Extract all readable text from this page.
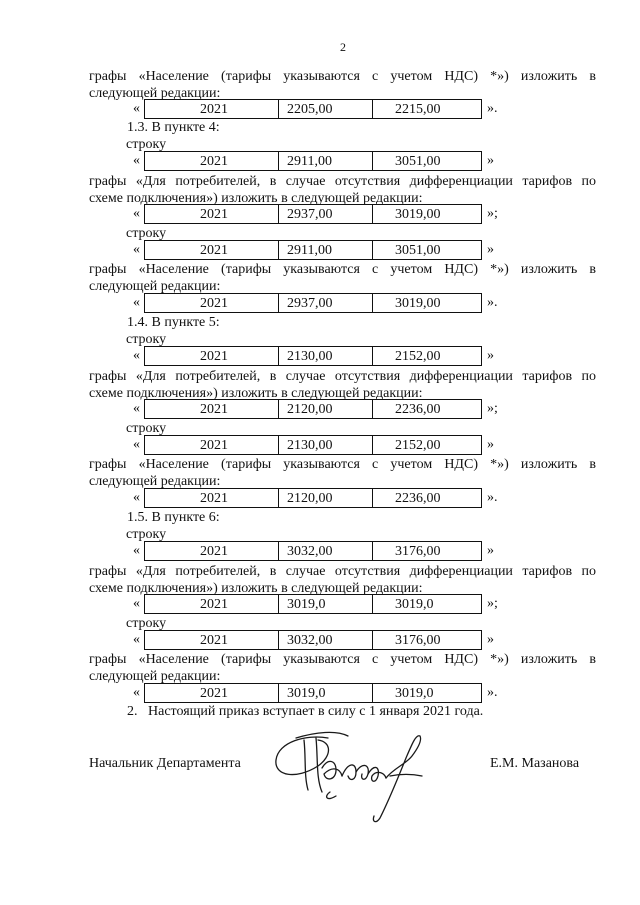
2
графы «Население (тарифы указываются с учетом НДС) *») изложить в
следующей редакции:
«	2021	2205,00	2215,00	».
1.3. В пункте 4:
строку
«	2021	2911,00	3051,00	»
графы «Для потребителей, в случае отсутствия дифференциации тарифов по
схеме подключения») изложить в следующей редакции:
«	2021	2937,00	3019,00	»;
строку
«	2021	2911,00	3051,00	»
графы «Население (тарифы указываются с учетом НДС) *») изложить в
следующей редакции:
«	2021	2937,00	3019,00	».
1.4. В пункте 5:
строку
«	2021	2130,00	2152,00	»
графы «Для потребителей, в случае отсутствия дифференциации тарифов по
схеме подключения») изложить в следующей редакции:
«	2021	2120,00	2236,00	»;
строку
«	2021	2130,00	2152,00	»
графы «Население (тарифы указываются с учетом НДС) *») изложить в
следующей редакции:
«	2021	2120,00	2236,00	».
1.5. В пункте 6:
строку
«	2021	3032,00	3176,00	»
графы «Для потребителей, в случае отсутствия дифференциации тарифов по
схеме подключения») изложить в следующей редакции:
«	2021	3019,0	3019,0	»;
строку
«	2021	3032,00	3176,00	»
графы «Население (тарифы указываются с учетом НДС) *») изложить в
следующей редакции:
«	2021	3019,0	3019,0	».
2.   Настоящий приказ вступает в силу с 1 января 2021 года.
Начальник Департамента	Е.М. Мазанова
